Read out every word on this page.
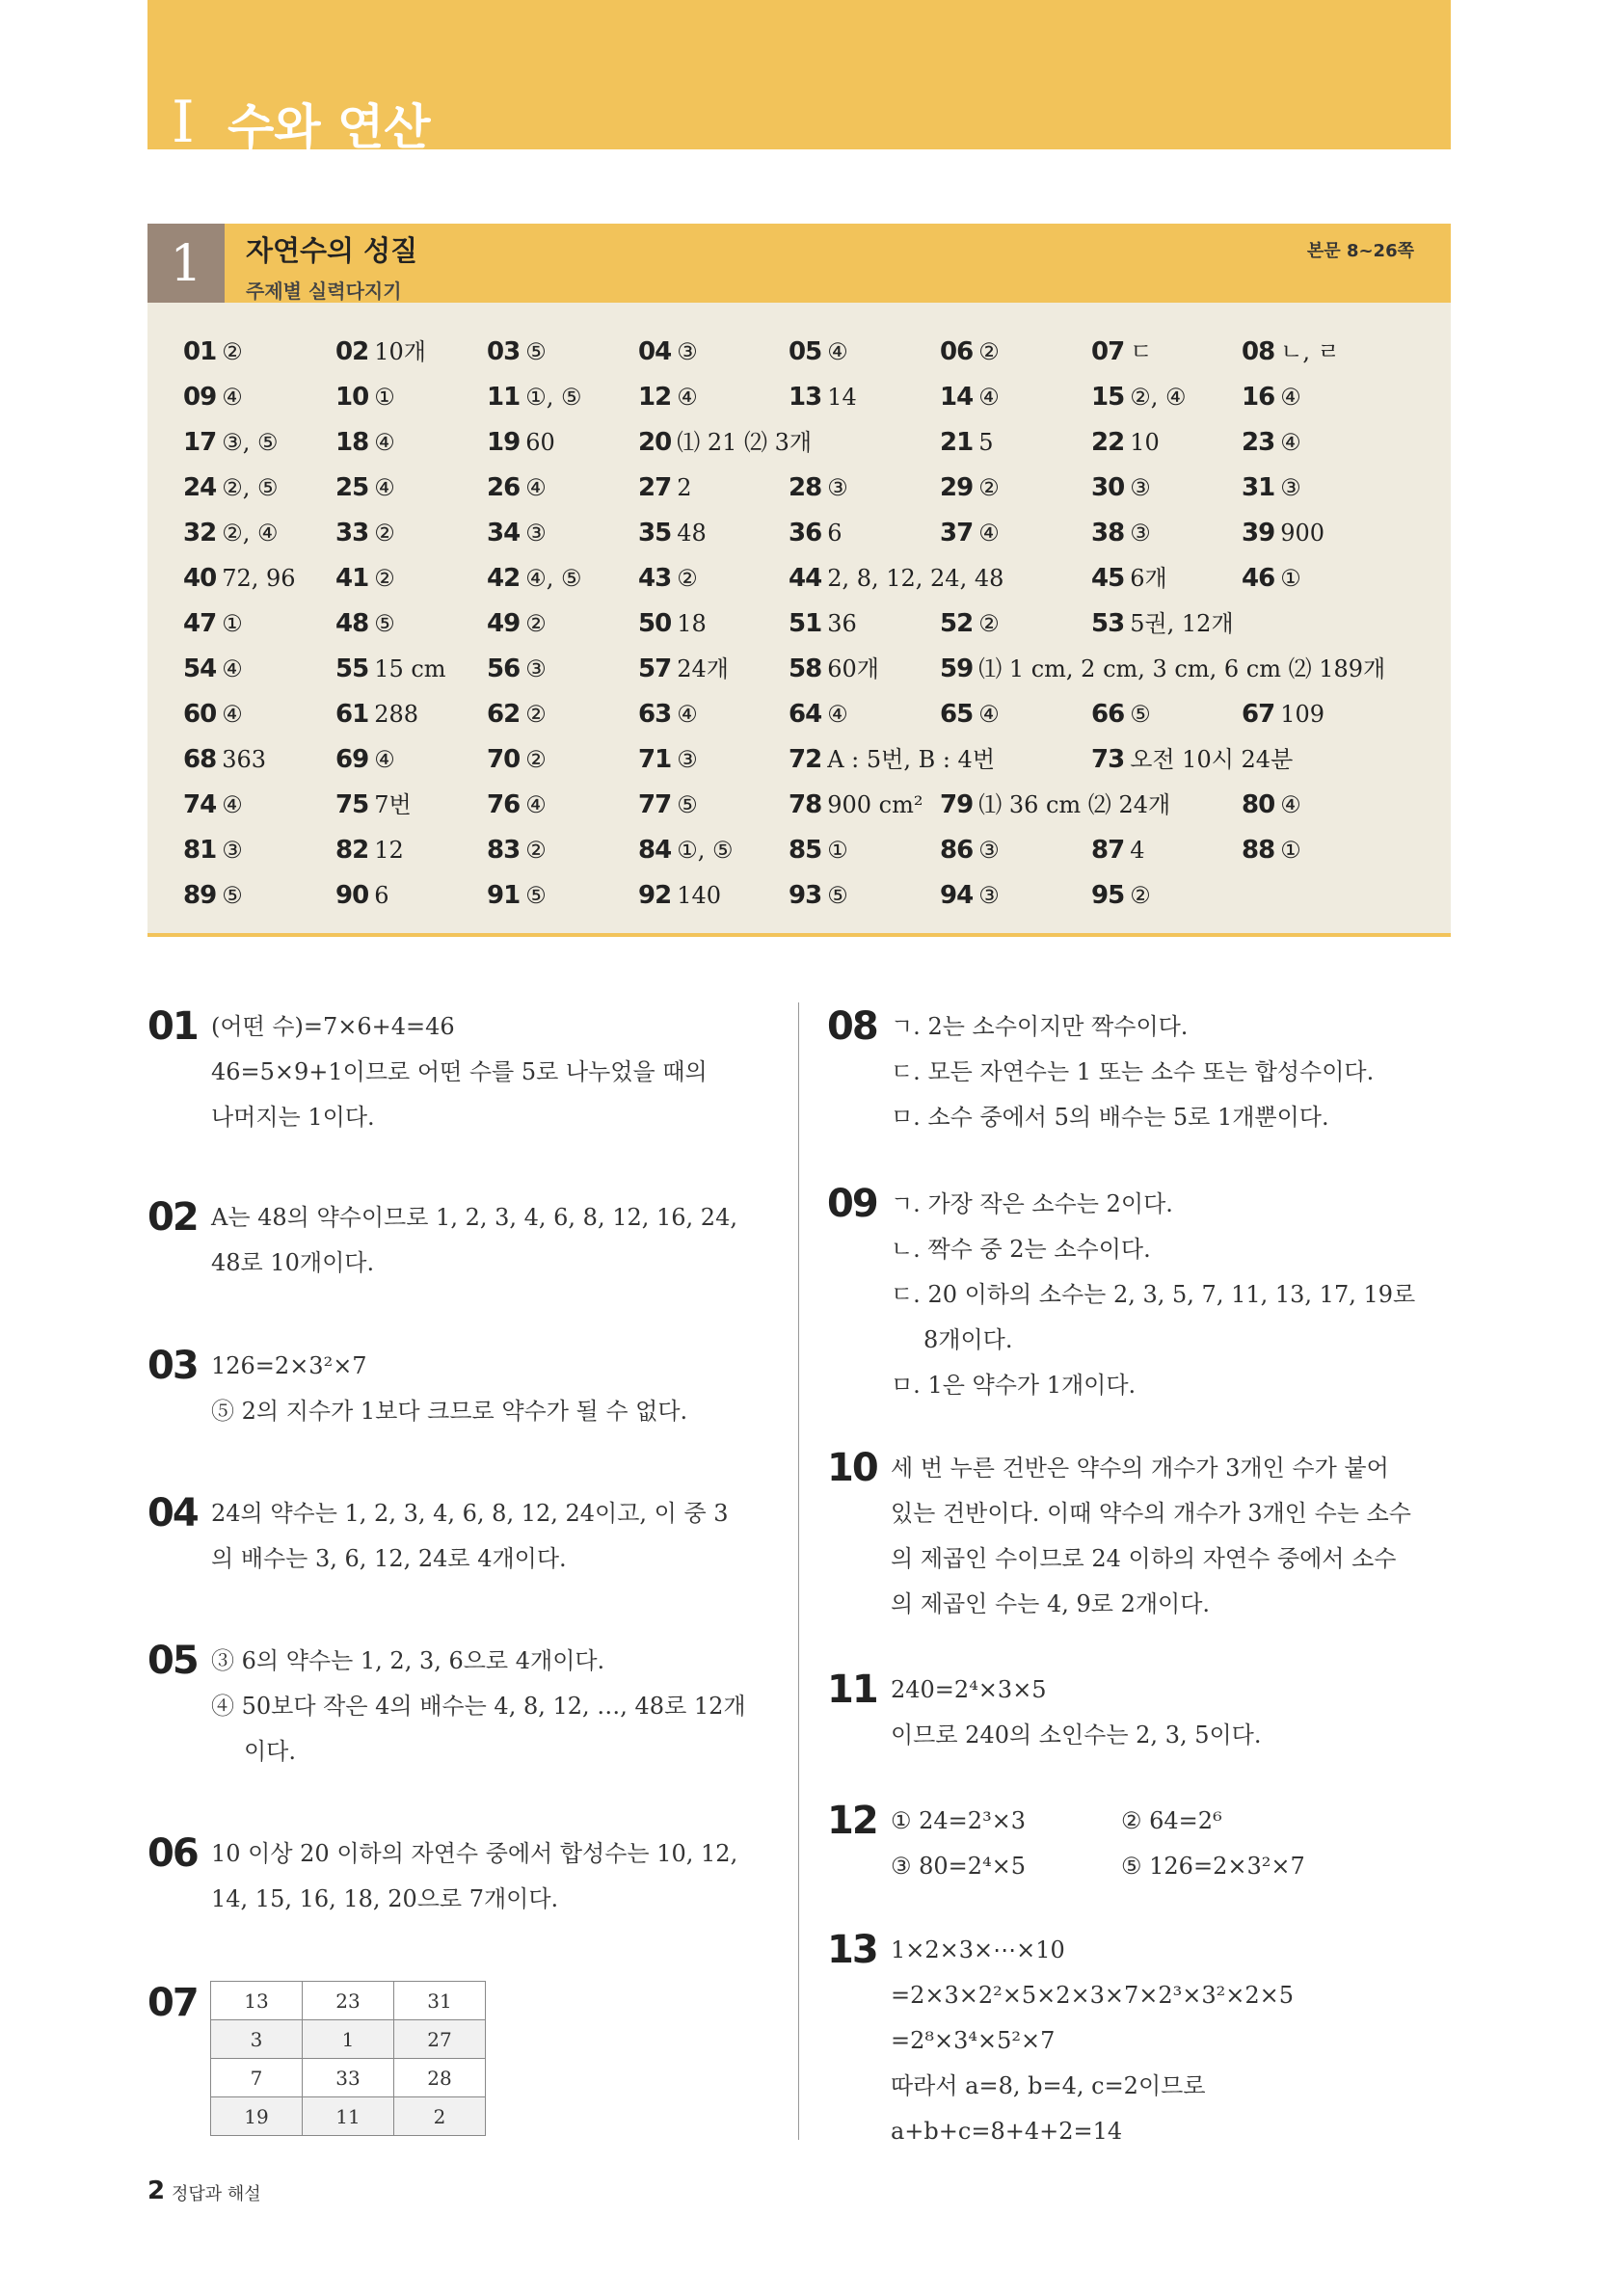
I 수와 연산
1	자연수의 성질
주제별 실력다지기
본문 8~26쪽
01 ②	02 10개 03 ⑤	04 ③	05 ④	06 ②	07 ㄷ	08 ㄴ, ㄹ
09 ④	10 ①	11 ①, ⑤ 12 ④	13 14	14 ④	15 ②, ④ 16 ④
17 ③, ⑤ 18 ④	19 60	20 ⑴ 21 ⑵ 3개	21 5	22 10	23 ④
24 ②, ⑤ 25 ④	26 ④	27 2	28 ③	29 ②	30 ③	31 ③
32 ②, ④ 33 ②	34 ③	35 48	36 6	37 ④	38 ③	39 900
40 72, 96 41 ②	42 ④, ⑤ 43 ②	44 2, 8, 12, 24, 48	45 6개	46 ①
47 ①	48 ⑤	49 ②	50 18	51 36	52 ②	53 5권, 12개
54 ④	55 15 cm 56 ③	57 24개 58 60개 59 ⑴ 1 cm, 2 cm, 3 cm, 6 cm ⑵ 189개
60 ④	61 288	62 ②	63 ④	64 ④	65 ④	66 ⑤	67 109
68 363	69 ④	70 ②	71 ③	72 A : 5번, B : 4번	73 오전 10시 24분
74 ④	75 7번	76 ④	77 ⑤	78 900 cm² 79 ⑴ 36 cm ⑵ 24개	80 ④
81 ③	82 12	83 ②	84 ①, ⑤ 85 ①	86 ③	87 4	88 ①
89 ⑤	90 6	91 ⑤	92 140	93 ⑤	94 ③	95 ②
01 (어떤 수)=7×6+4=46
46=5×9+1이므로 어떤 수를 5로 나누었을 때의
나머지는 1이다.
02 A는 48의 약수이므로 1, 2, 3, 4, 6, 8, 12, 16, 24,
48로 10개이다.
03 126=2×3²×7
⑤ 2의 지수가 1보다 크므로 약수가 될 수 없다.
04 24의 약수는 1, 2, 3, 4, 6, 8, 12, 24이고, 이 중 3
의 배수는 3, 6, 12, 24로 4개이다.
05 ③ 6의 약수는 1, 2, 3, 6으로 4개이다.
④ 50보다 작은 4의 배수는 4, 8, 12, …, 48로 12개
이다.
06 10 이상 20 이하의 자연수 중에서 합성수는 10, 12,
14, 15, 16, 18, 20으로 7개이다.
07
08 ㄱ. 2는 소수이지만 짝수이다.
ㄷ. 모든 자연수는 1 또는 소수 또는 합성수이다.
ㅁ. 소수 중에서 5의 배수는 5로 1개뿐이다.
09 ㄱ. 가장 작은 소수는 2이다.
ㄴ. 짝수 중 2는 소수이다.
ㄷ. 20 이하의 소수는 2, 3, 5, 7, 11, 13, 17, 19로
8개이다.
ㅁ. 1은 약수가 1개이다.
10 세 번 누른 건반은 약수의 개수가 3개인 수가 붙어
있는 건반이다. 이때 약수의 개수가 3개인 수는 소수
의 제곱인 수이므로 24 이하의 자연수 중에서 소수
의 제곱인 수는 4, 9로 2개이다.
11 240=2⁴×3×5
이므로 240의 소인수는 2, 3, 5이다.
12 ① 24=2³×3
③ 80=2⁴×5
② 64=2⁶
⑤ 126=2×3²×7
13 1×2×3×⋯×10
=2×3×2²×5×2×3×7×2³×3²×2×5
=2⁸×3⁴×5²×7
따라서 a=8, b=4, c=2이므로
a+b+c=8+4+2=14
13	23	31
3	1	27
7	33	28
19	11	2
2 정답과 해설
